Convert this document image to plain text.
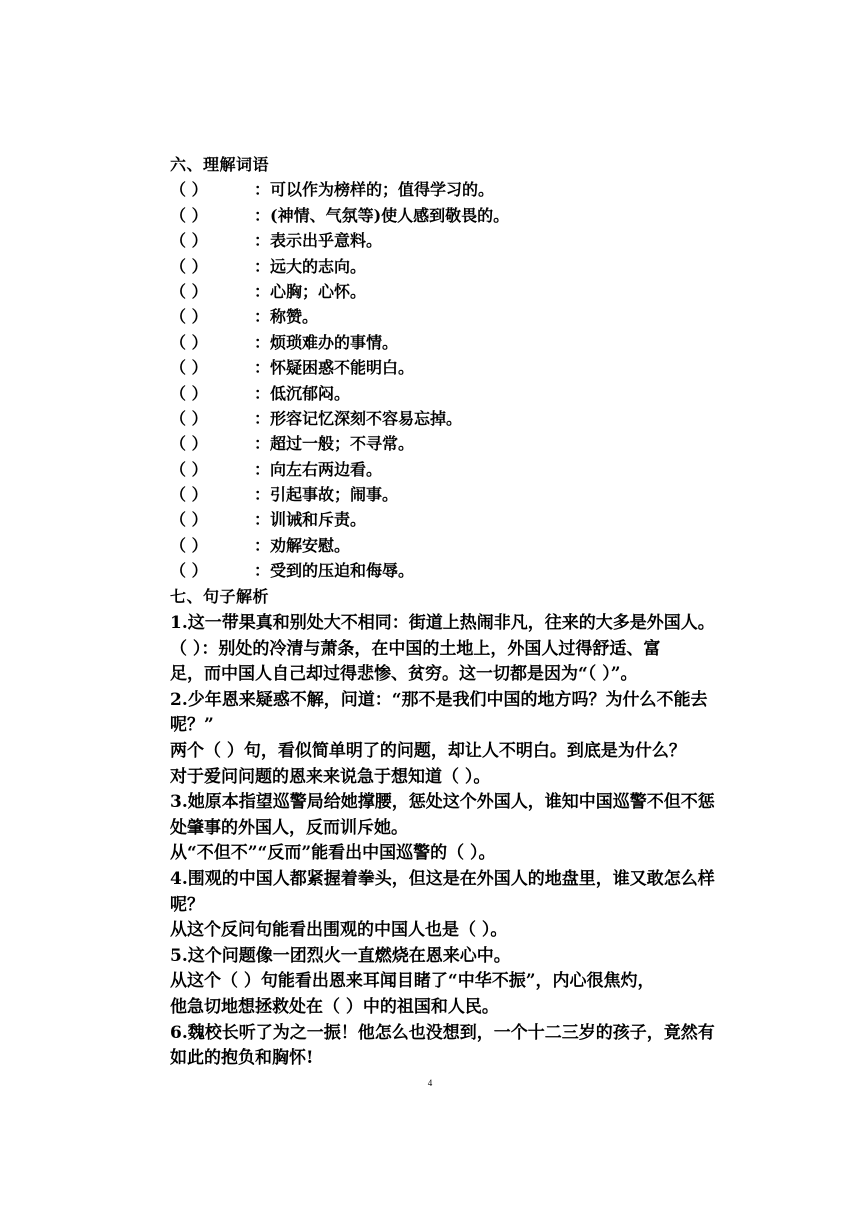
六、理解词语
（ ）	：可以作为榜样的；值得学习的。
（ ）	：(神情、气氛等)使人感到敬畏的。
（ ）	：表示出乎意料。
（ ）	：远大的志向。
（ ）	：心胸；心怀。
（ ）	：称赞。
（ ）	：烦琐难办的事情。
（ ）	：怀疑困惑不能明白。
（ ）	：低沉郁闷。
（ ）	：形容记忆深刻不容易忘掉。
（ ）	：超过一般；不寻常。
（ ）	：向左右两边看。
（ ）	：引起事故；闹事。
（ ）	：训诫和斥责。
（ ）	：劝解安慰。
（ ）	：受到的压迫和侮辱。
七、句子解析
1.这一带果真和别处大不相同：街道上热闹非凡，往来的大多是外国人。
（ ）：别处的冷清与萧条，在中国的土地上，外国人过得舒适、富
足，而中国人自己却过得悲惨、贫穷。这一切都是因为“（ ）”。
2.少年恩来疑惑不解，问道：“那不是我们中国的地方吗？为什么不能去
呢？”
两个（ ）句，看似简单明了的问题，却让人不明白。到底是为什么？
对于爱问问题的恩来来说急于想知道（ ）。
3.她原本指望巡警局给她撑腰，惩处这个外国人，谁知中国巡警不但不惩
处肇事的外国人，反而训斥她。
从“不但不”“反而”能看出中国巡警的（ ）。
4.围观的中国人都紧握着拳头，但这是在外国人的地盘里，谁又敢怎么样
呢？
从这个反问句能看出围观的中国人也是（ ）。
5.这个问题像一团烈火一直燃烧在恩来心中。
从这个（ ）句能看出恩来耳闻目睹了“中华不振”，内心很焦灼，
他急切地想拯救处在（ ）中的祖国和人民。
6.魏校长听了为之一振！他怎么也没想到，一个十二三岁的孩子，竟然有
如此的抱负和胸怀!
4
